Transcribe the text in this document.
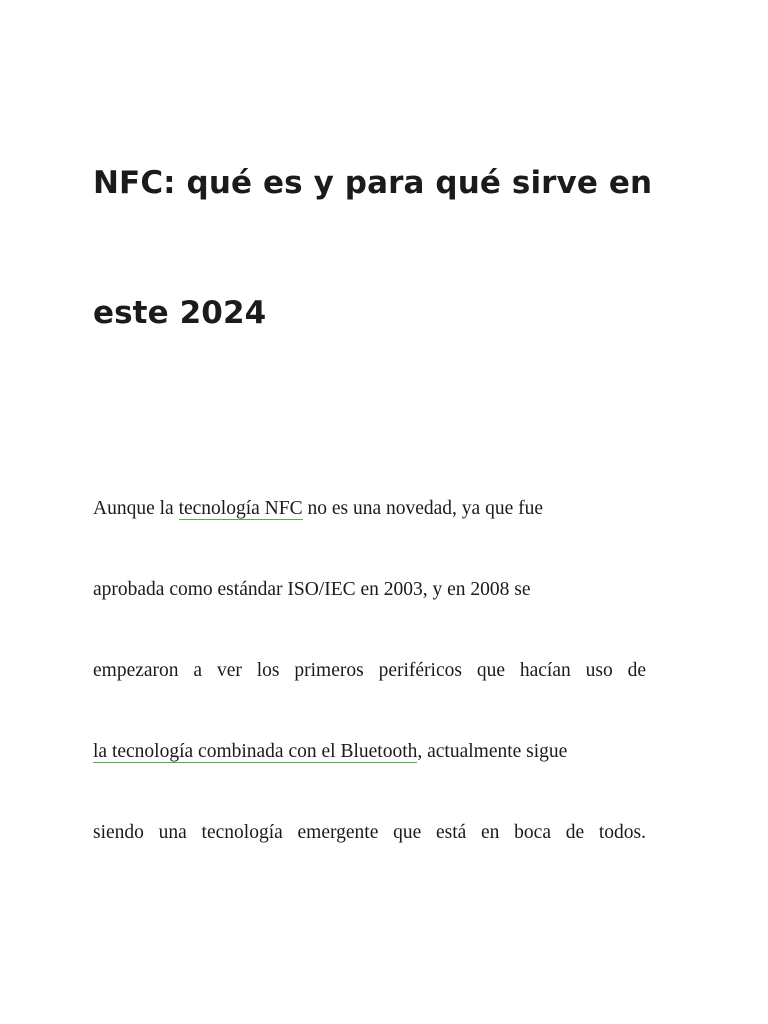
NFC: qué es y para qué sirve en
este 2024
Aunque la tecnología NFC no es una novedad, ya que fue
aprobada como estándar ISO/IEC en 2003, y en 2008 se
empezaron a ver los primeros periféricos que hacían uso de
la tecnología combinada con el Bluetooth, actualmente sigue
siendo una tecnología emergente que está en boca de todos.
